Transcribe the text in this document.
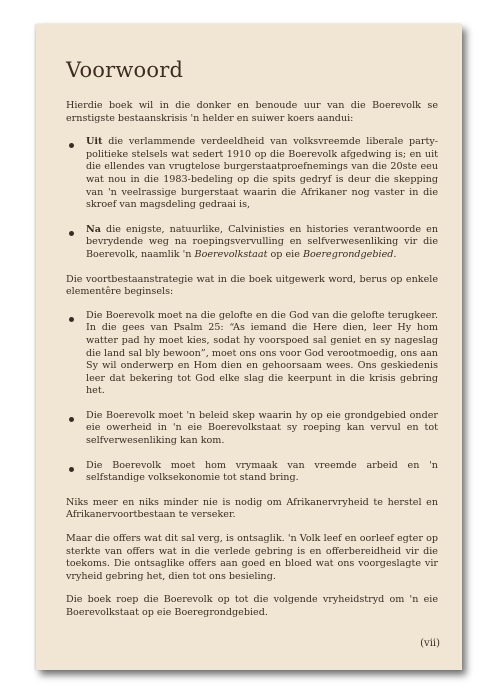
Voorwoord

Hierdie boek wil in die donker en benoude uur van die Boerevolk se ernstigste bestaanskrisis 'n helder en suiwer koers aandui:

Uit die verlammende verdeeldheid van volksvreemde liberale party-politieke stelsels wat sedert 1910 op die Boerevolk afgedwing is; en uit die ellendes van vrugtelose burgerstaatproefnemings van die 20ste eeu wat nou in die 1983-bedeling op die spits gedryf is deur die skepping van 'n veelrassige burgerstaat waarin die Afrikaner nog vaster in die skroef van magsdeling gedraai is,
Na die enigste, natuurlike, Calvinisties en histories verantwoorde en bevrydende weg na roepingsvervulling en selfverwesenliking vir die Boerevolk, naamlik 'n Boerevolkstaat op eie Boeregrondgebied.

Die voortbestaanstrategie wat in die boek uitgewerk word, berus op enkele elementêre beginsels:

Die Boerevolk moet na die gelofte en die God van die gelofte terugkeer. In die gees van Psalm 25: “As iemand die Here dien, leer Hy hom watter pad hy moet kies, sodat hy voorspoed sal geniet en sy nageslag die land sal bly bewoon”, moet ons ons voor God verootmoedig, ons aan Sy wil onderwerp en Hom dien en gehoorsaam wees. Ons geskiedenis leer dat bekering tot God elke slag die keerpunt in die krisis gebring het.
Die Boerevolk moet 'n beleid skep waarin hy op eie grondgebied onder eie owerheid in 'n eie Boerevolkstaat sy roeping kan vervul en tot selfverwesenliking kan kom.
Die Boerevolk moet hom vrymaak van vreemde arbeid en 'n selfstandige volksekonomie tot stand bring.

Niks meer en niks minder nie is nodig om Afrikanervryheid te herstel en Afrikanervoortbestaan te verseker.

Maar die offers wat dit sal verg, is ontsaglik. 'n Volk leef en oorleef egter op sterkte van offers wat in die verlede gebring is en offerbereidheid vir die toekoms. Die ontsaglike offers aan goed en bloed wat ons voorgeslagte vir vryheid gebring het, dien tot ons besieling.

Die boek roep die Boerevolk op tot die volgende vryheidstryd om 'n eie Boerevolkstaat op eie Boeregrondgebied.

(vii)
